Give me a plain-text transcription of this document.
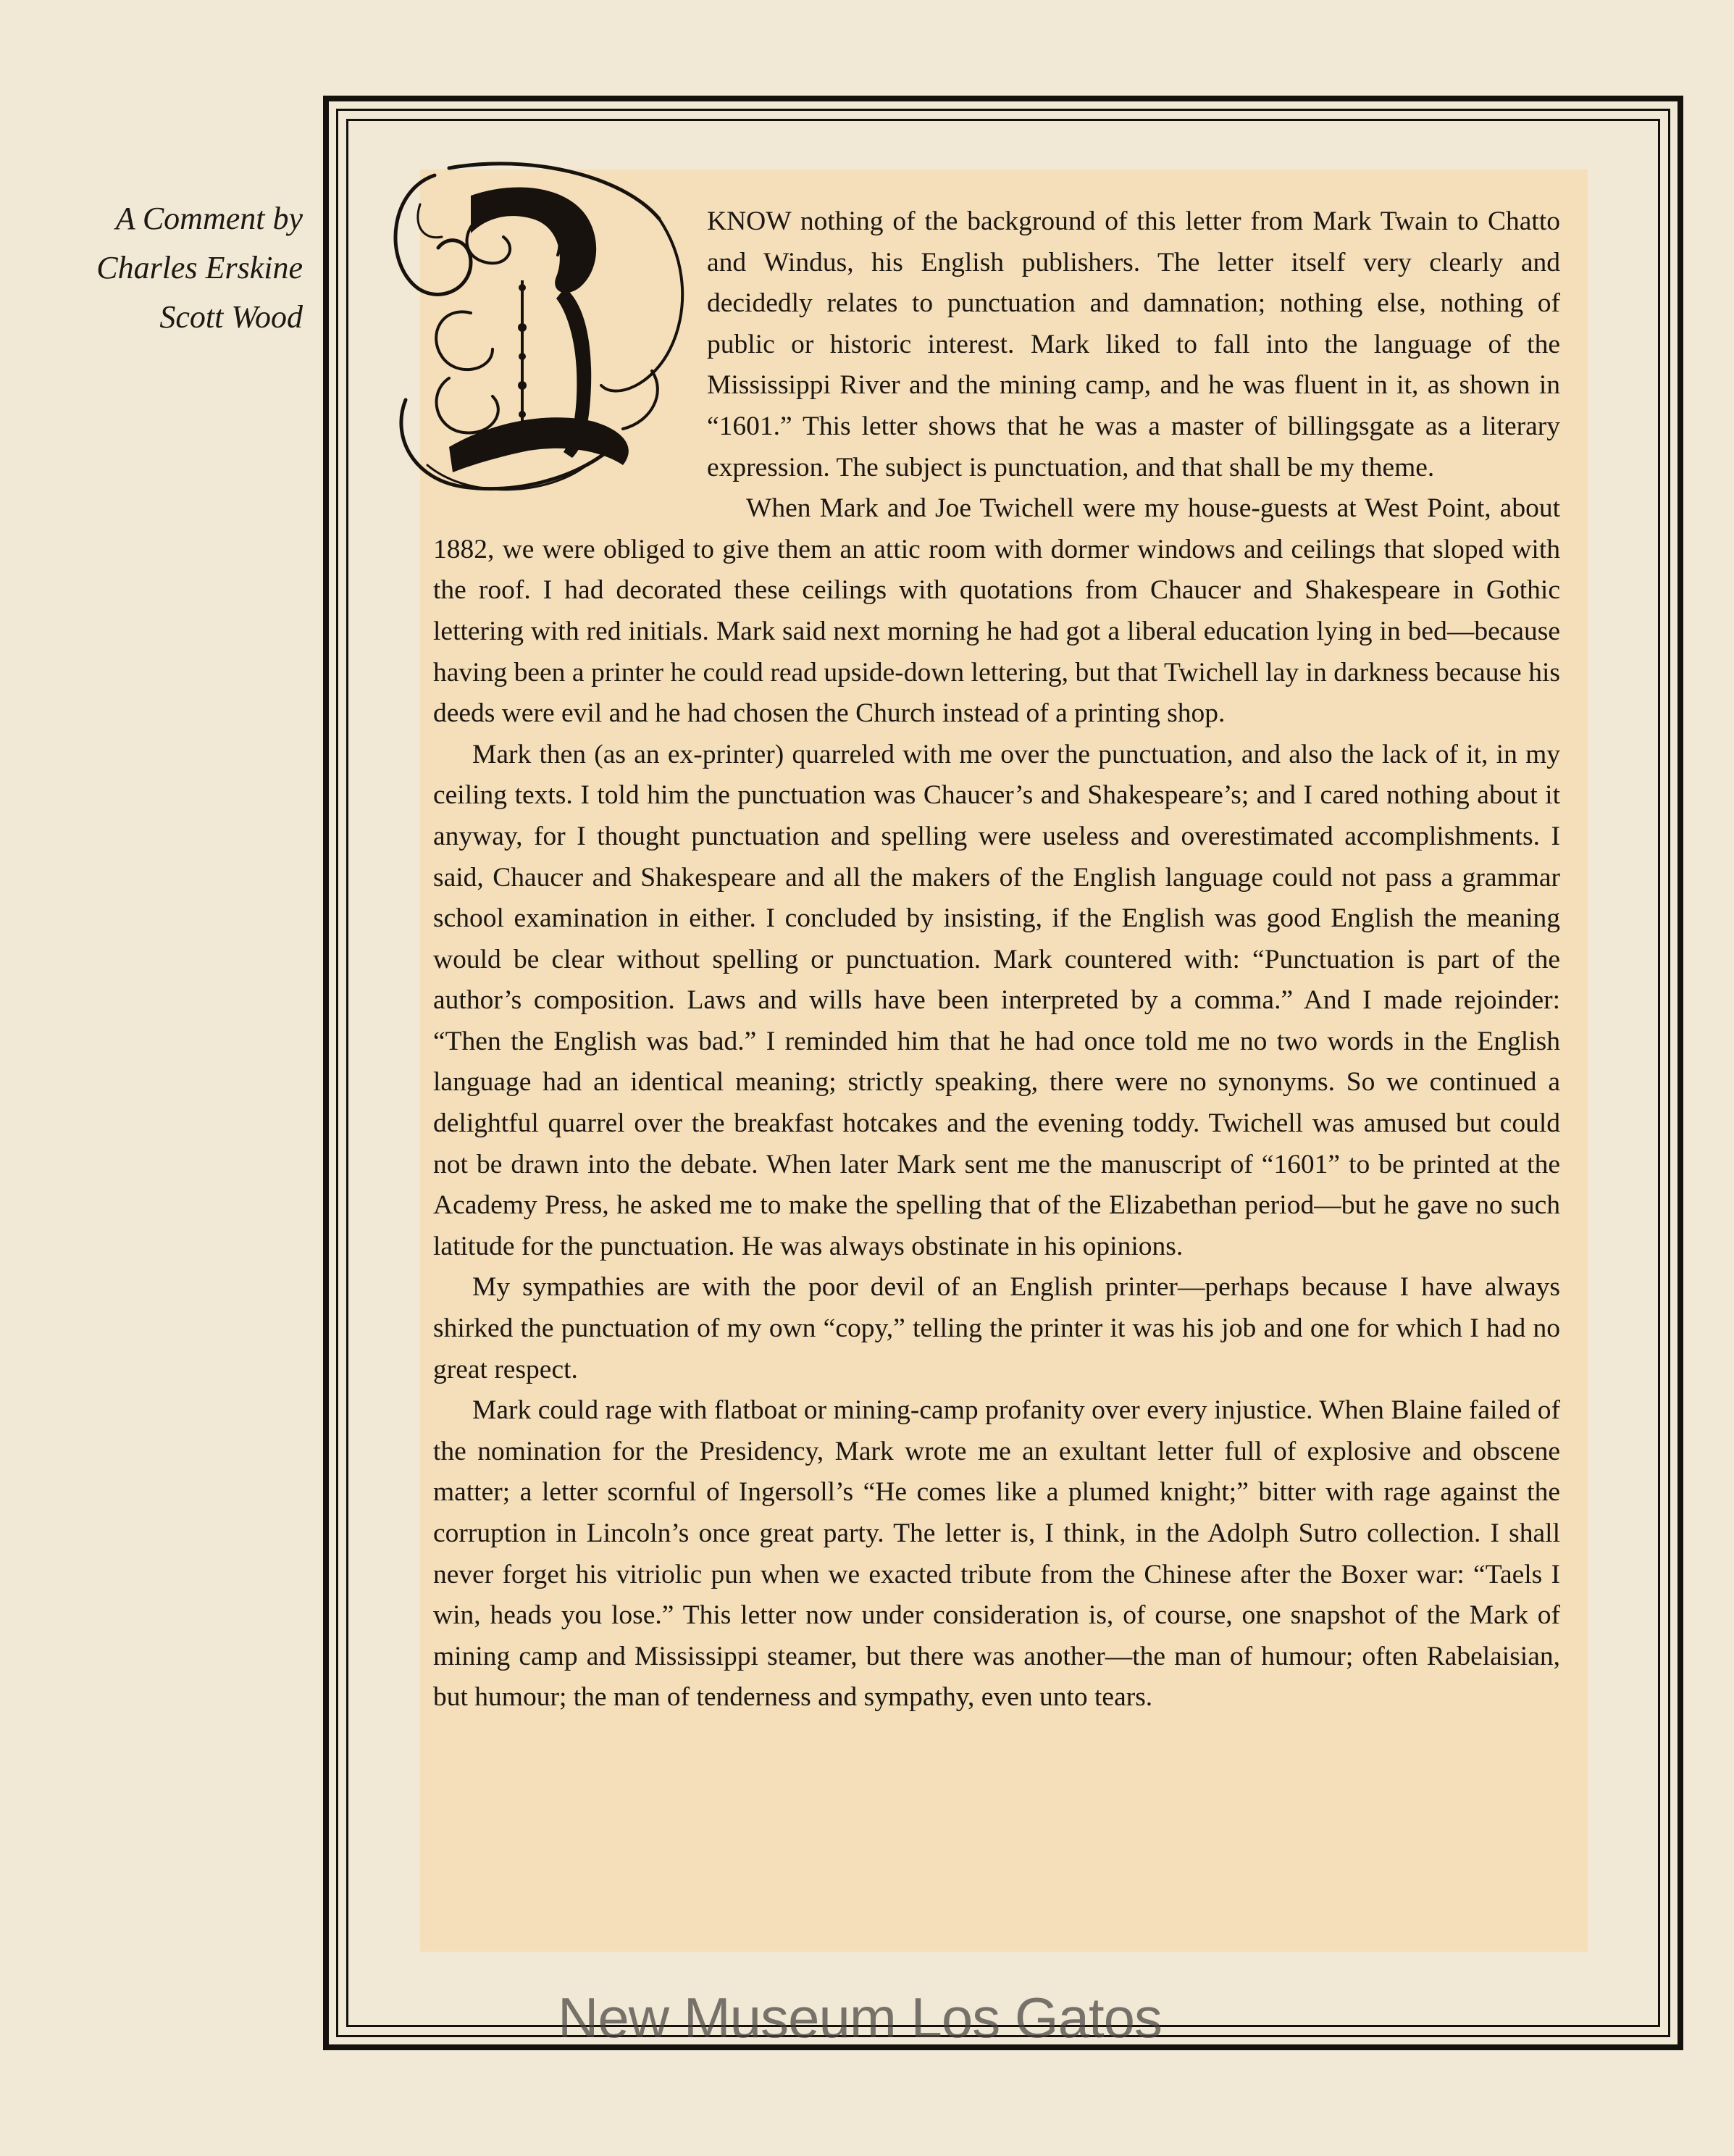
A Comment by
Charles Erskine
Scott Wood

KNOW nothing of the background of this letter from Mark Twain to Chatto and Windus, his English publishers. The letter itself very clearly and decidedly relates to punctuation and damnation; nothing else, nothing of public or historic interest. Mark liked to fall into the language of the Mississippi River and the mining camp, and he was fluent in it, as shown in “1601.” This letter shows that he was a master of billingsgate as a literary expression. The subject is punctuation, and that shall be my theme.

When Mark and Joe Twichell were my house-guests at West Point, about 1882, we were obliged to give them an attic room with dormer windows and ceilings that sloped with the roof. I had decorated these ceilings with quotations from Chaucer and Shakespeare in Gothic lettering with red initials. Mark said next morning he had got a liberal education lying in bed—because having been a printer he could read upside-down lettering, but that Twichell lay in darkness because his deeds were evil and he had chosen the Church instead of a printing shop.

Mark then (as an ex-printer) quarreled with me over the punctuation, and also the lack of it, in my ceiling texts. I told him the punctuation was Chaucer’s and Shakespeare’s; and I cared nothing about it anyway, for I thought punctuation and spelling were useless and overestimated accomplishments. I said, Chaucer and Shakespeare and all the makers of the English language could not pass a grammar school examination in either. I concluded by insisting, if the English was good English the meaning would be clear without spelling or punctuation. Mark countered with: “Punctuation is part of the author’s composition. Laws and wills have been interpreted by a comma.” And I made rejoinder: “Then the English was bad.” I reminded him that he had once told me no two words in the English language had an identical meaning; strictly speaking, there were no synonyms. So we continued a delightful quarrel over the breakfast hotcakes and the evening toddy. Twichell was amused but could not be drawn into the debate. When later Mark sent me the manuscript of “1601” to be printed at the Academy Press, he asked me to make the spelling that of the Elizabethan period—but he gave no such latitude for the punctuation. He was always obstinate in his opinions.

My sympathies are with the poor devil of an English printer—perhaps because I have always shirked the punctuation of my own “copy,” telling the printer it was his job and one for which I had no great respect.

Mark could rage with flatboat or mining-camp profanity over every injustice. When Blaine failed of the nomination for the Presidency, Mark wrote me an exultant letter full of explosive and obscene matter; a letter scornful of Ingersoll’s “He comes like a plumed knight;” bitter with rage against the corruption in Lincoln’s once great party. The letter is, I think, in the Adolph Sutro collection. I shall never forget his vitriolic pun when we exacted tribute from the Chinese after the Boxer war: “Taels I win, heads you lose.” This letter now under consideration is, of course, one snapshot of the Mark of mining camp and Mississippi steamer, but there was another—the man of humour; often Rabelaisian, but humour; the man of tenderness and sympathy, even unto tears.

New Museum Los Gatos
